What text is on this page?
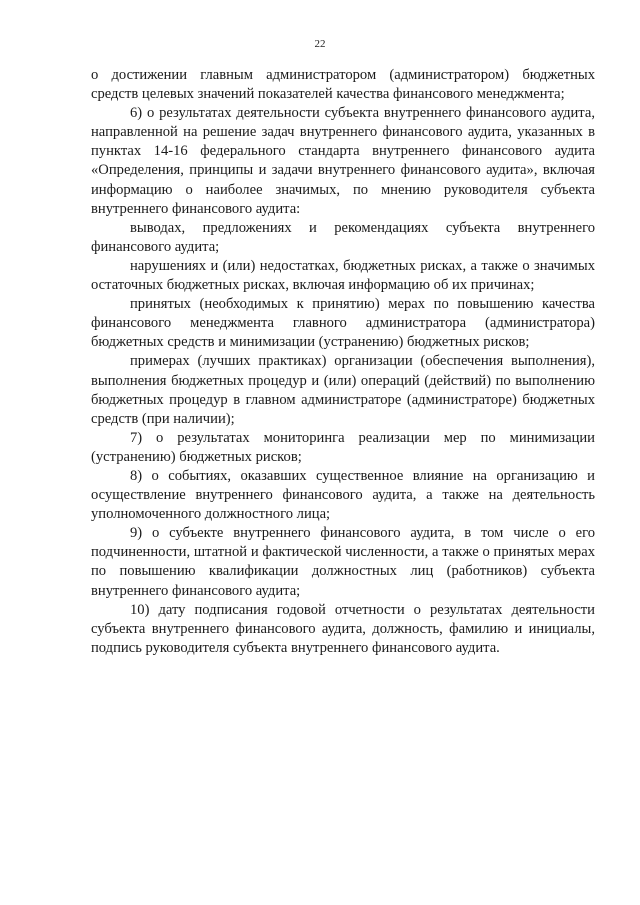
22

о достижении главным администратором (администратором) бюджетных средств целевых значений показателей качества финансового менеджмента;

6) о результатах деятельности субъекта внутреннего финансового аудита, направленной на решение задач внутреннего финансового аудита, указанных в пунктах 14-16 федерального стандарта внутреннего финансового аудита «Определения, принципы и задачи внутреннего финансового аудита», включая информацию о наиболее значимых, по мнению руководителя субъекта внутреннего финансового аудита:

выводах, предложениях и рекомендациях субъекта внутреннего финансового аудита;

нарушениях и (или) недостатках, бюджетных рисках, а также о значимых остаточных бюджетных рисках, включая информацию об их причинах;

принятых (необходимых к принятию) мерах по повышению качества финансового менеджмента главного администратора (администратора) бюджетных средств и минимизации (устранению) бюджетных рисков;

примерах (лучших практиках) организации (обеспечения выполнения), выполнения бюджетных процедур и (или) операций (действий) по выполнению бюджетных процедур в главном администраторе (администраторе) бюджетных средств (при наличии);

7) о результатах мониторинга реализации мер по минимизации (устранению) бюджетных рисков;

8) о событиях, оказавших существенное влияние на организацию и осуществление внутреннего финансового аудита, а также на деятельность уполномоченного должностного лица;

9) о субъекте внутреннего финансового аудита, в том числе о его подчиненности, штатной и фактической численности, а также о принятых мерах по повышению квалификации должностных лиц (работников) субъекта внутреннего финансового аудита;

10) дату подписания годовой отчетности о результатах деятельности субъекта внутреннего финансового аудита, должность, фамилию и инициалы, подпись руководителя субъекта внутреннего финансового аудита.
